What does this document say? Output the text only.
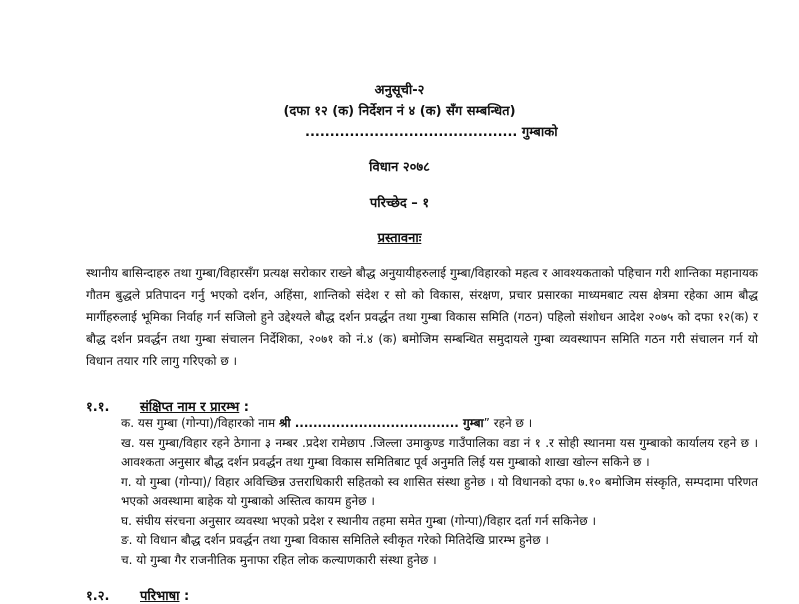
अनुसूची-२
(दफा १२ (क) निर्देशन नं ४ (क) सँग सम्बन्धित)
........................................... गुम्बाको
विधान २०७८
परिच्छेद – १
प्रस्तावनाः
स्थानीय बासिन्दाहरु तथा गुम्बा/विहारसँग प्रत्यक्ष सरोकार राख्ने बौद्ध अनुयायीहरुलाई गुम्बा/विहारको महत्व र आवश्यकताको पहिचान गरी शान्तिका महानायक गौतम बुद्धले प्रतिपादन गर्नु भएको दर्शन, अहिंसा, शान्तिको संदेश र सो को विकास, संरक्षण, प्रचार प्रसारका माध्यमबाट त्यस क्षेत्रमा रहेका आम बौद्ध मार्गीहरुलाई भूमिका निर्वाह गर्न सजिलो हुने उद्देश्यले बौद्ध दर्शन प्रवर्द्धन तथा गुम्बा विकास समिति (गठन) पहिलो संशोधन आदेश २०७५ को दफा १२(क) र बौद्ध दर्शन प्रवर्द्धन तथा गुम्बा संचालन निर्देशिका, २०७१ को नं.४ (क) बमोजिम सम्बन्धित समुदायले गुम्बा व्यवस्थापन समिति गठन गरी संचालन गर्न यो विधान तयार गरि लागु गरिएको छ ।
१.१. संक्षिप्त नाम र प्रारम्भ :

क. यस गुम्बा (गोन्पा)/विहारको नाम श्री .................................... गुम्बा” रहने छ ।

ख. यस गुम्बा/विहार रहने ठेगाना ३ नम्बर .प्रदेश रामेछाप .जिल्ला उमाकुण्ड गाउँपालिका वडा नं १ .र सोही स्थानमा यस गुम्बाको कार्यालय रहने छ । आवश्कता अनुसार बौद्ध दर्शन प्रवर्द्धन तथा गुम्बा विकास समितिबाट पूर्व अनुमति लिई यस गुम्बाको शाखा खोल्न सकिने छ ।

ग. यो गुम्बा (गोन्पा)/ विहार अविच्छिन्न उत्तराधिकारी सहितको स्व शासित संस्था हुनेछ । यो विधानको दफा ७.१० बमोजिम संस्कृति, सम्पदामा परिणत भएको अवस्थामा बाहेक यो गुम्बाको अस्तित्व कायम हुनेछ ।

घ. संघीय संरचना अनुसार व्यवस्था भएको प्रदेश र स्थानीय तहमा समेत गुम्बा (गोन्पा)/विहार दर्ता गर्न सकिनेछ ।

ङ. यो विधान बौद्ध दर्शन प्रवर्द्धन तथा गुम्बा विकास समितिले स्वीकृत गरेको मितिदेखि प्रारम्भ हुनेछ ।

च. यो गुम्बा गैर राजनीतिक मुनाफा रहित लोक कल्याणकारी संस्था हुनेछ ।

१.२. परिभाषा :
